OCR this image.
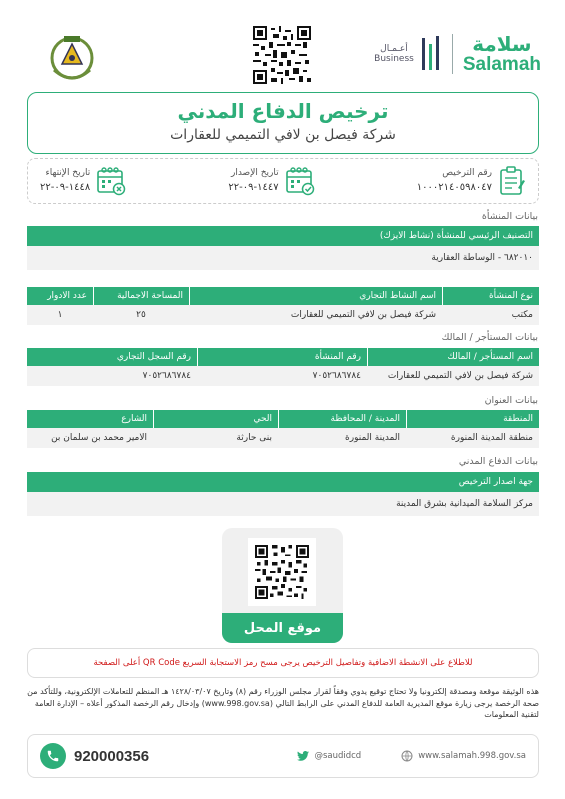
أعـمـال
Business
سلامة
Salamah
ترخيص الدفاع المدني
شركة فيصل بن لافي التميمي للعقارات
رقم الترخيص
١٠٠٠٢١٤٠٥٩٨٠٤٧
تاريخ الإصدار
١٤٤٧-٠٩-٢٢
تاريخ الإنتهاء
١٤٤٨-٠٩-٢٢
بيانات المنشأة
التصنيف الرئيسي للمنشأة (نشاط الايزك)
٦٨٢٠١٠ - الوساطة العقارية
نوع المنشأة
اسم النشاط التجاري
المساحة الاجمالية
عدد الادوار
مكتب
شركة فيصل بن لافي التميمي للعقارات
٢٥
١
بيانات المستأجر / المالك
اسم المستأجر / المالك
رقم المنشأة
رقم السجل التجاري
شركة فيصل بن لافي التميمي للعقارات
٧٠٥٢٦٨٦٧٨٤
٧٠٥٢٦٨٦٧٨٤
بيانات العنوان
المنطقة
المدينة / المحافظة
الحي
الشارع
منطقة المدينة المنورة
المدينة المنورة
بنى حارثة
الامير محمد بن سلمان بن
بيانات الدفاع المدني
جهة اصدار الترخيص
مركز السلامة الميدانية بشرق المدينة
موقع المحل
للاطلاع على الانشطة الاضافية وتفاصيل الترخيص يرجى مسح رمز الاستجابة السريع QR Code أعلى الصفحة
هذه الوثيقة موقعة ومصدقة إلكترونيا ولا تحتاج توقيع يدوي وفقاً لقرار مجلس الوزراء رقم (٨) وتاريخ ١٤٢٨/٠٣/٠٧ هـ المنظم للتعاملات الإلكترونية، وللتأكد من صحة الرخصة يرجى زيارة موقع المديرية العامة للدفاع المدني على الرابط التالي (www.998.gov.sa) وإدخال رقم الرخصة المذكور أعلاه – الإدارة العامة لتقنية المعلومات
920000356	@saudidcd	www.salamah.998.gov.sa
